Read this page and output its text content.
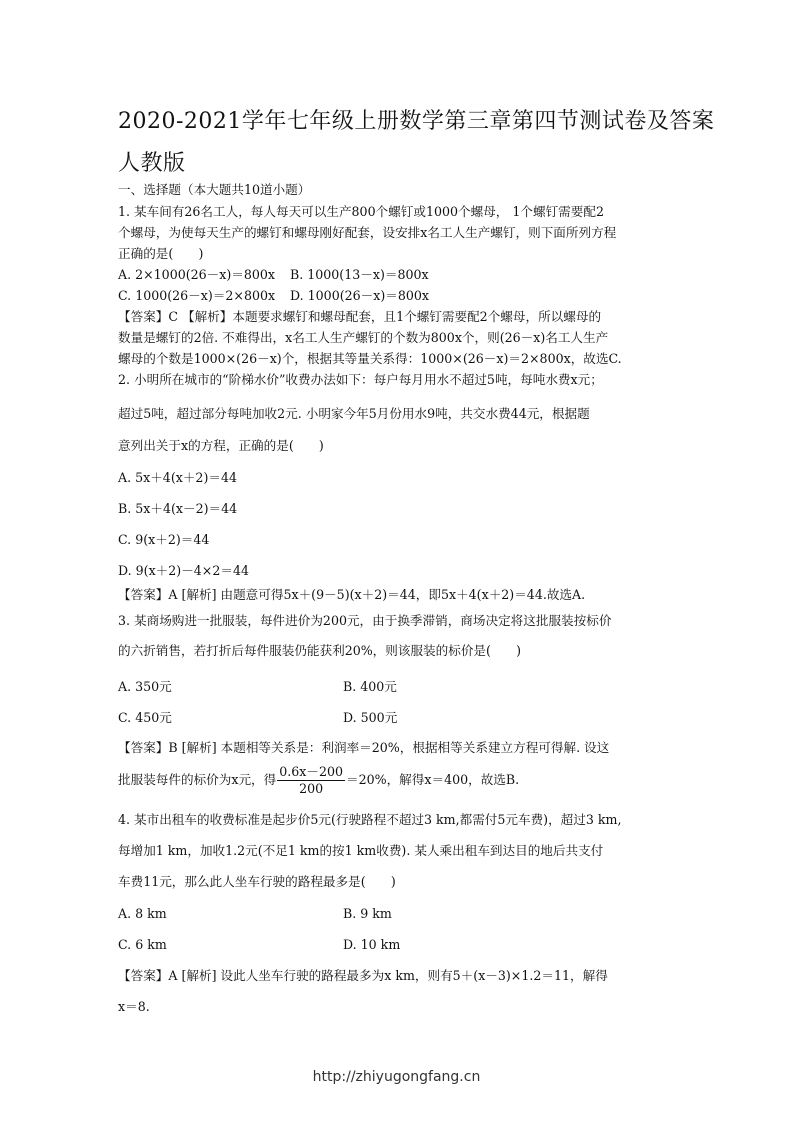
2020-2021学年七年级上册数学第三章第四节测试卷及答案
人教版
一、选择题（本大题共10道小题）
1. 某车间有26名工人，每人每天可以生产800个螺钉或1000个螺母， 1个螺钉需要配2
个螺母，为使每天生产的螺钉和螺母刚好配套，设安排x名工人生产螺钉，则下面所列方程
正确的是(　　)
A. 2×1000(26－x)＝800x B. 1000(13－x)＝800x
C. 1000(26－x)＝2×800x D. 1000(26－x)＝800x
【答案】C 【解析】本题要求螺钉和螺母配套，且1个螺钉需要配2个螺母，所以螺母的
数量是螺钉的2倍. 不难得出，x名工人生产螺钉的个数为800x个，则(26－x)名工人生产
螺母的个数是1000×(26－x)个，根据其等量关系得：1000×(26－x)＝2×800x，故选C.
2. 小明所在城市的“阶梯水价”收费办法如下：每户每月用水不超过5吨，每吨水费x元；
超过5吨，超过部分每吨加收2元. 小明家今年5月份用水9吨，共交水费44元，根据题
意列出关于x的方程，正确的是(　　)
A. 5x＋4(x＋2)＝44
B. 5x＋4(x－2)＝44
C. 9(x＋2)＝44
D. 9(x＋2)－4×2＝44
【答案】A [解析] 由题意可得5x＋(9－5)(x＋2)＝44，即5x＋4(x＋2)＝44.故选A.
3. 某商场购进一批服装，每件进价为200元，由于换季滞销，商场决定将这批服装按标价
的六折销售，若打折后每件服装仍能获利20%，则该服装的标价是(　　)
A. 350元	B. 400元
C. 450元	D. 500元
【答案】B [解析] 本题相等关系是：利润率＝20%，根据相等关系建立方程可得解. 设这
批服装每件的标价为x元，得 $\frac{0.6x-200}{200} =20\%$，解得x＝400，故选B.
4. 某市出租车的收费标准是起步价5元(行驶路程不超过3 km,都需付5元车费)，超过3 km,
每增加1 km，加收1.2元(不足1 km的按1 km收费). 某人乘出租车到达目的地后共支付
车费11元，那么此人坐车行驶的路程最多是(　　)
A. 8 km	B. 9 km
C. 6 km	D. 10 km
【答案】A [解析] 设此人坐车行驶的路程最多为x km，则有5＋(x－3)×1.2＝11，解得
x＝8.
http://zhiyugongfang.cn
